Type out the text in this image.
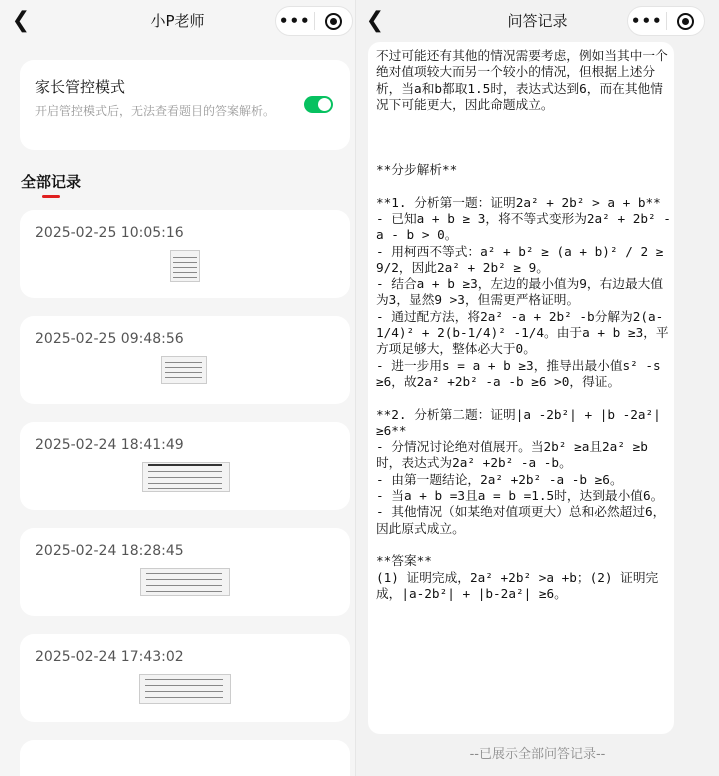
❮	小P老师	•••
家长管控模式
开启管控模式后，无法查看题目的答案解析。
全部记录
2025-02-25 10:05:16
2025-02-25 09:48:56
2025-02-24 18:41:49
2025-02-24 18:28:45
2025-02-24 17:43:02
❮	问答记录	•••
不过可能还有其他的情况需要考虑，例如当其中一个绝对值项较大而另一个较小的情况，但根据上述分析，当a和b都取1.5时，表达式达到6，而在其他情况下可能更大，因此命题成立。

**分步解析**

**1. 分析第一题：证明2a² + 2b² > a + b**
- 已知a + b ≥ 3，将不等式变形为2a² + 2b² - a - b > 0。
- 用柯西不等式：a² + b² ≥ (a + b)² / 2 ≥ 9/2，因此2a² + 2b² ≥ 9。
- 结合a + b ≥3，左边的最小值为9，右边最大值为3，显然9 >3，但需更严格证明。
- 通过配方法，将2a² -a + 2b² -b分解为2(a-1/4)² + 2(b-1/4)² -1/4。由于a + b ≥3，平方项足够大，整体必大于0。
- 进一步用s = a + b ≥3，推导出最小值s² -s ≥6，故2a² +2b² -a -b ≥6 >0，得证。

**2. 分析第二题：证明|a -2b²| + |b -2a²| ≥6**
- 分情况讨论绝对值展开。当2b² ≥a且2a² ≥b时，表达式为2a² +2b² -a -b。
- 由第一题结论，2a² +2b² -a -b ≥6。
- 当a + b =3且a = b =1.5时，达到最小值6。
- 其他情况（如某绝对值项更大）总和必然超过6，因此原式成立。

**答案**
(1) 证明完成，2a² +2b² >a +b；(2) 证明完成，|a-2b²| + |b-2a²| ≥6。
--已展示全部问答记录--
